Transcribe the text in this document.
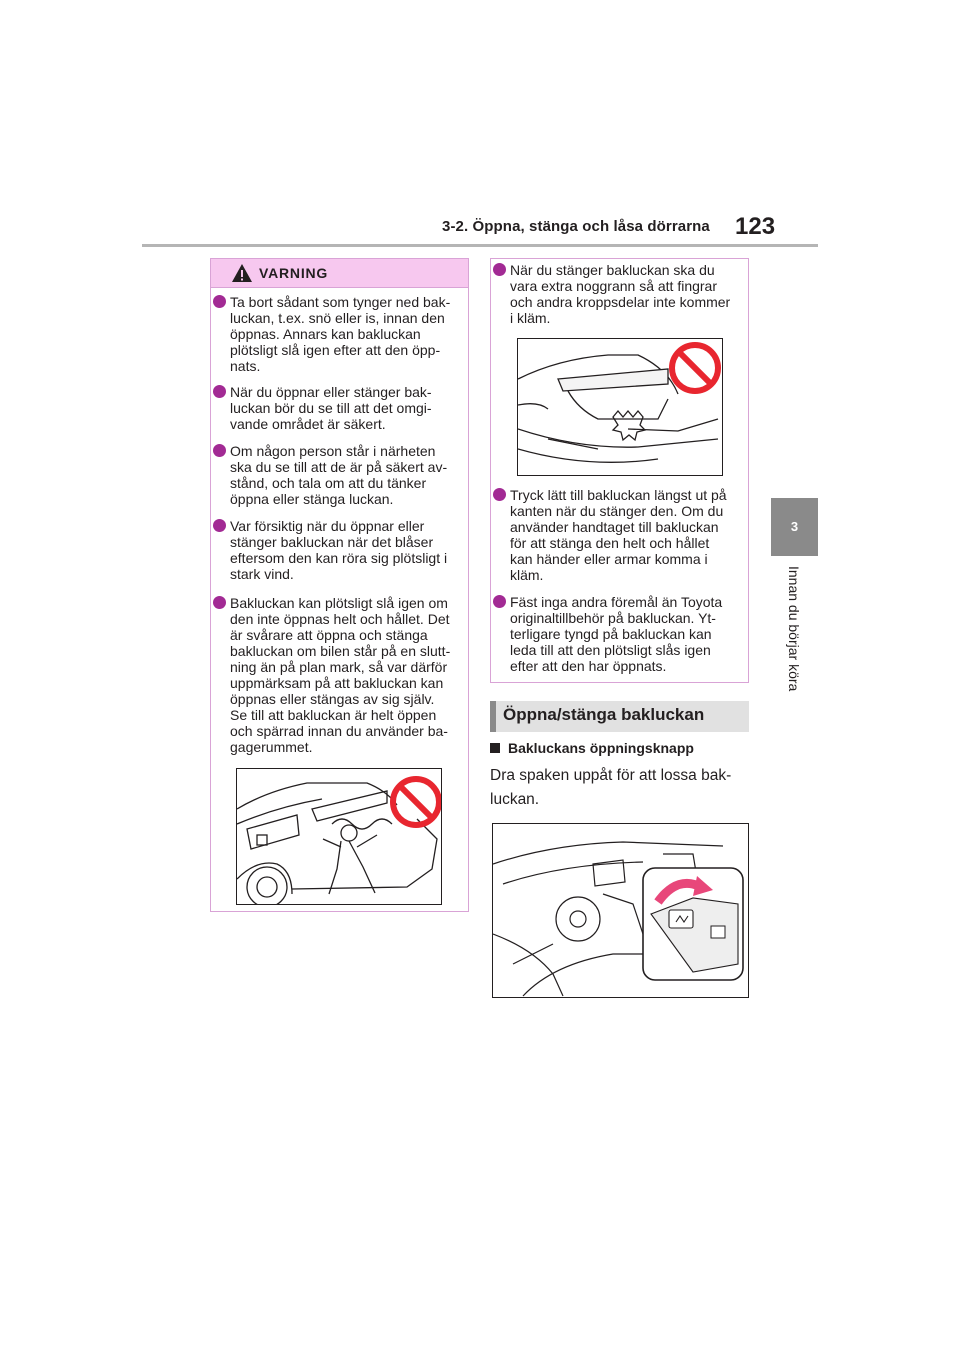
3-2. Öppna, stänga och låsa dörrarna 123
3
Innan du börjar köra
VARNING
Ta bort sådant som tynger ned bak-
luckan, t.ex. snö eller is, innan den
öppnas. Annars kan bakluckan
plötsligt slå igen efter att den öpp-
nats.
När du öppnar eller stänger bak-
luckan bör du se till att det omgi-
vande området är säkert.
Om någon person står i närheten
ska du se till att de är på säkert av-
stånd, och tala om att du tänker
öppna eller stänga luckan.
Var försiktig när du öppnar eller
stänger bakluckan när det blåser
eftersom den kan röra sig plötsligt i
stark vind.
Bakluckan kan plötsligt slå igen om
den inte öppnas helt och hållet. Det
är svårare att öppna och stänga
bakluckan om bilen står på en slutt-
ning än på plan mark, så var därför
uppmärksam på att bakluckan kan
öppnas eller stängas av sig själv.
Se till att bakluckan är helt öppen
och spärrad innan du använder ba-
gagerummet.
När du stänger bakluckan ska du
vara extra noggrann så att fingrar
och andra kroppsdelar inte kommer
i kläm.
Tryck lätt till bakluckan längst ut på
kanten när du stänger den. Om du
använder handtaget till bakluckan
för att stänga den helt och hållet
kan händer eller armar komma i
kläm.
Fäst inga andra föremål än Toyota
originaltillbehör på bakluckan. Yt-
terligare tyngd på bakluckan kan
leda till att den plötsligt slås igen
efter att den har öppnats.
Öppna/stänga bakluckan
Bakluckans öppningsknapp
Dra spaken uppåt för att lossa bak-
luckan.
